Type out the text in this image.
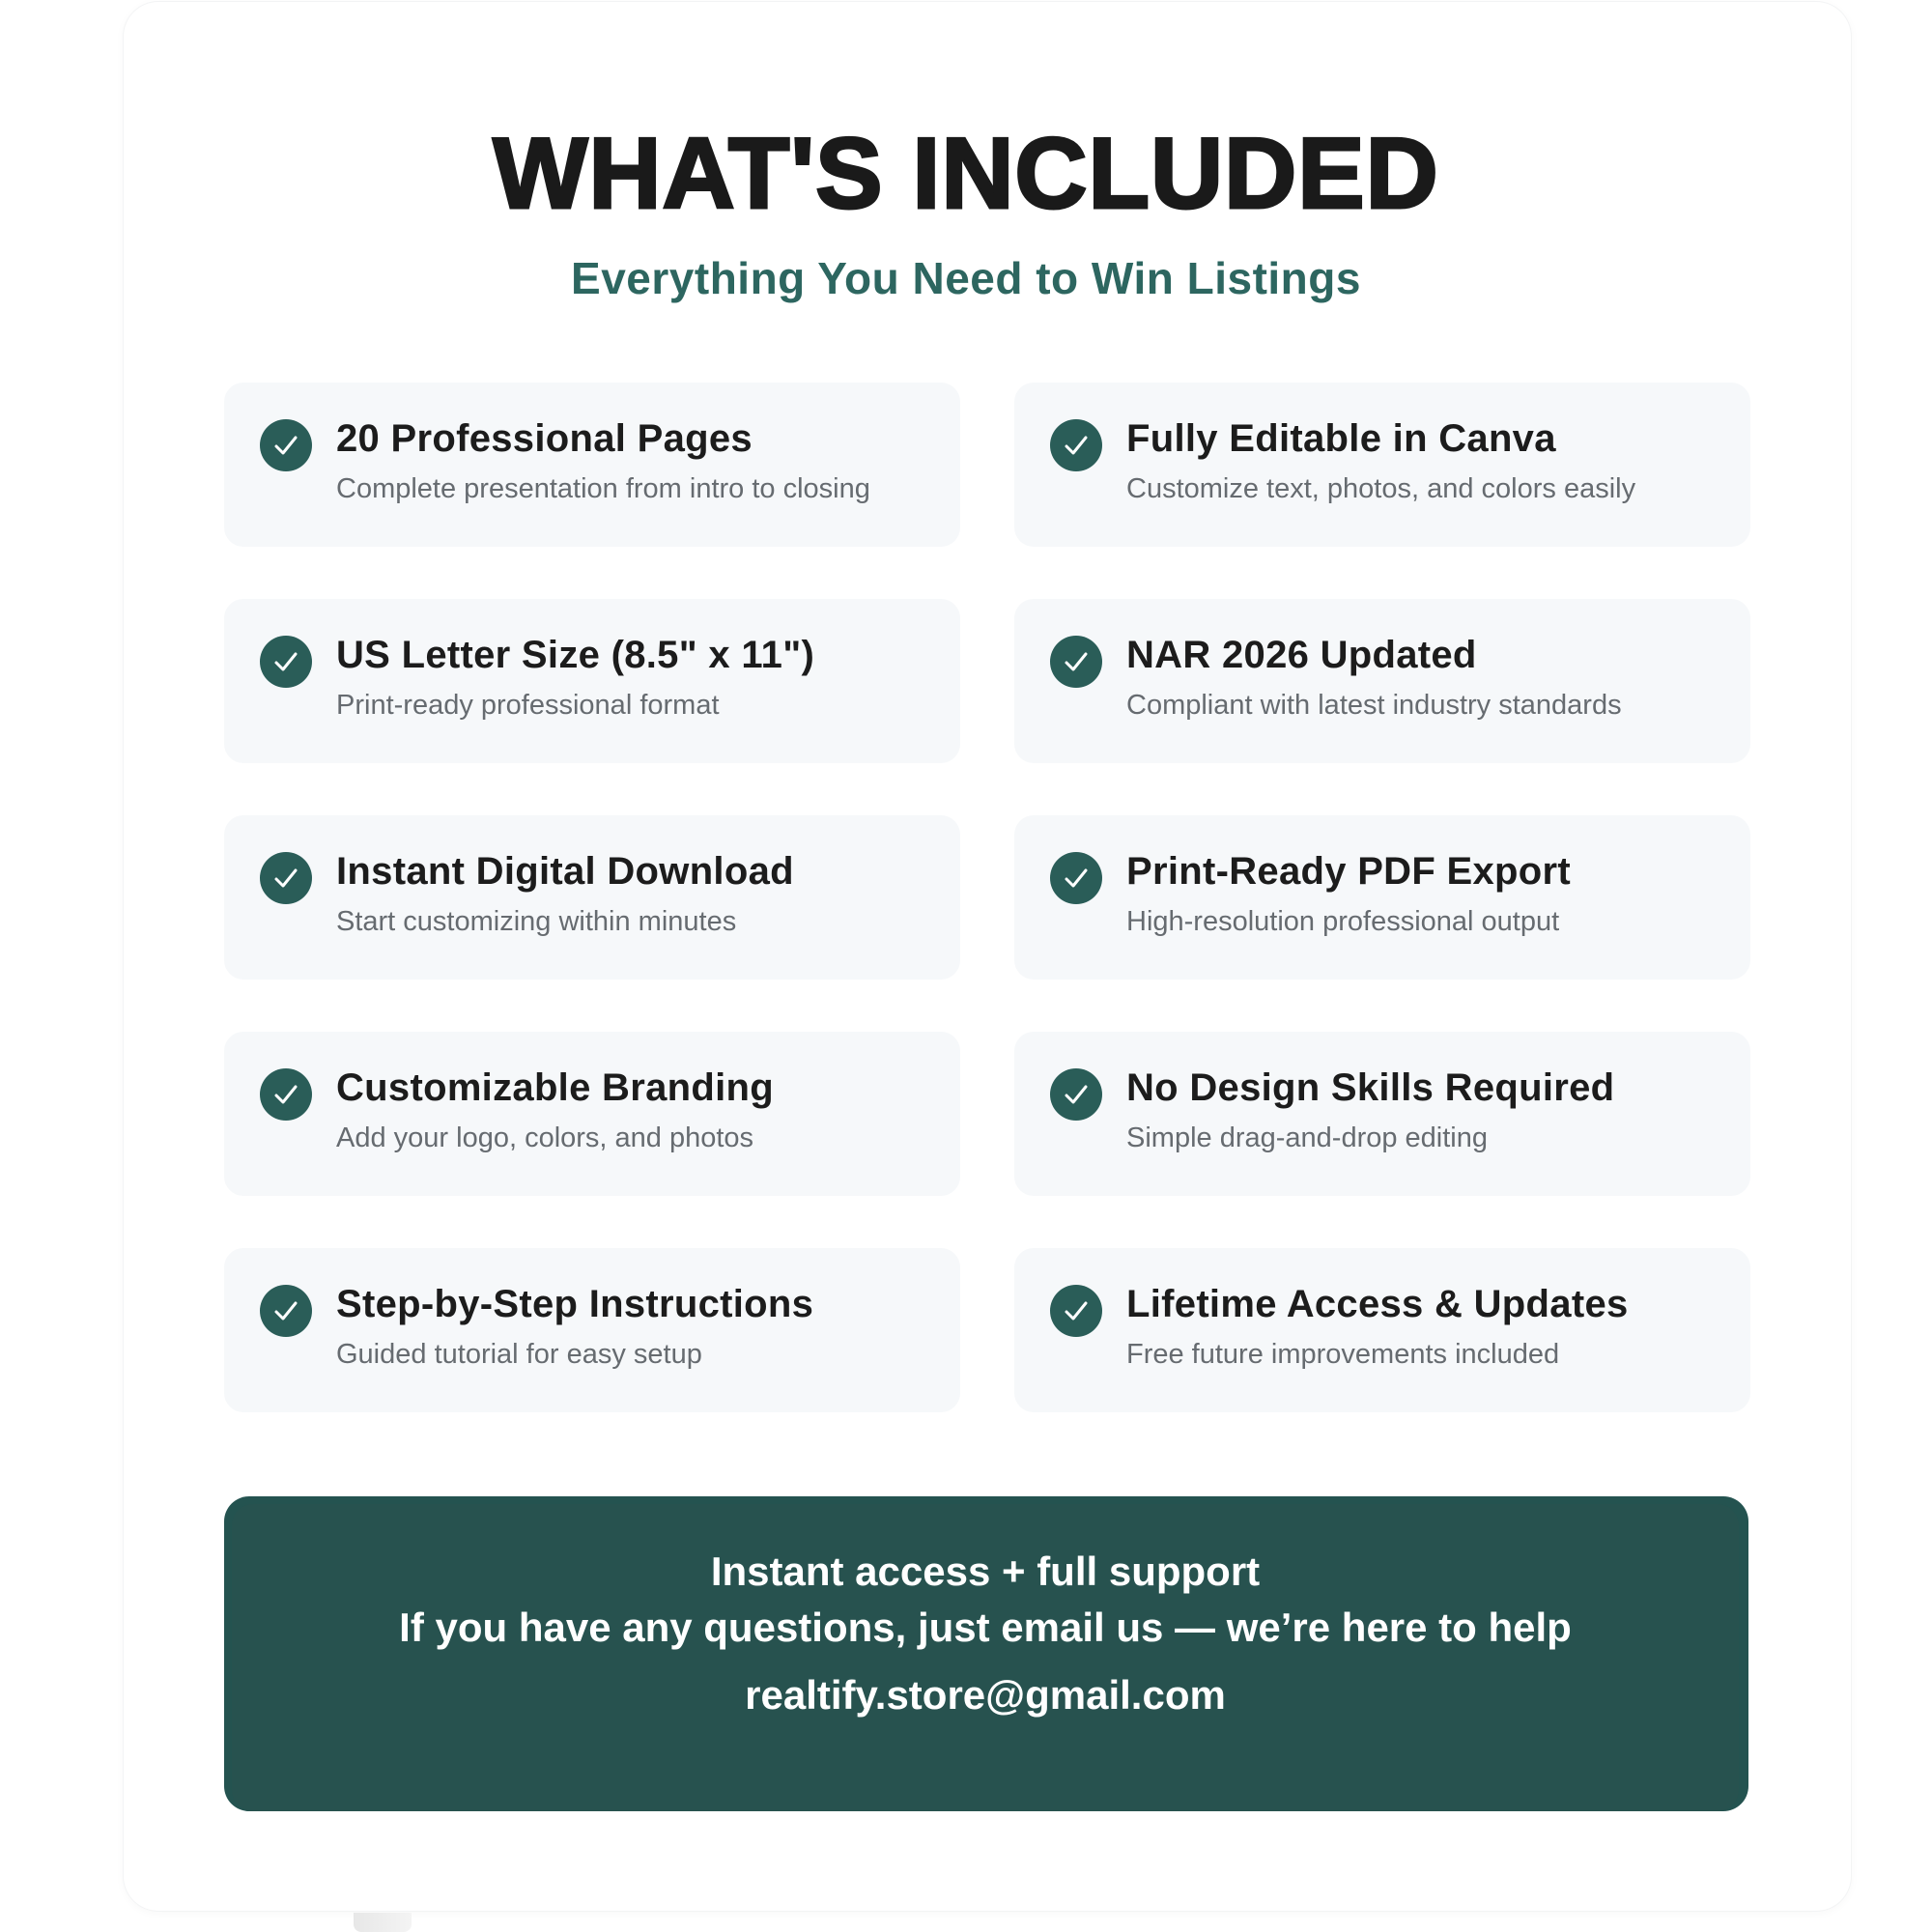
WHAT'S INCLUDED
Everything You Need to Win Listings
20 Professional Pages
Complete presentation from intro to closing
Fully Editable in Canva
Customize text, photos, and colors easily
US Letter Size (8.5" x 11")
Print-ready professional format
NAR 2026 Updated
Compliant with latest industry standards
Instant Digital Download
Start customizing within minutes
Print-Ready PDF Export
High-resolution professional output
Customizable Branding
Add your logo, colors, and photos
No Design Skills Required
Simple drag-and-drop editing
Step-by-Step Instructions
Guided tutorial for easy setup
Lifetime Access & Updates
Free future improvements included
Instant access + full support
If you have any questions, just email us — we’re here to help
realtify.store@gmail.com
